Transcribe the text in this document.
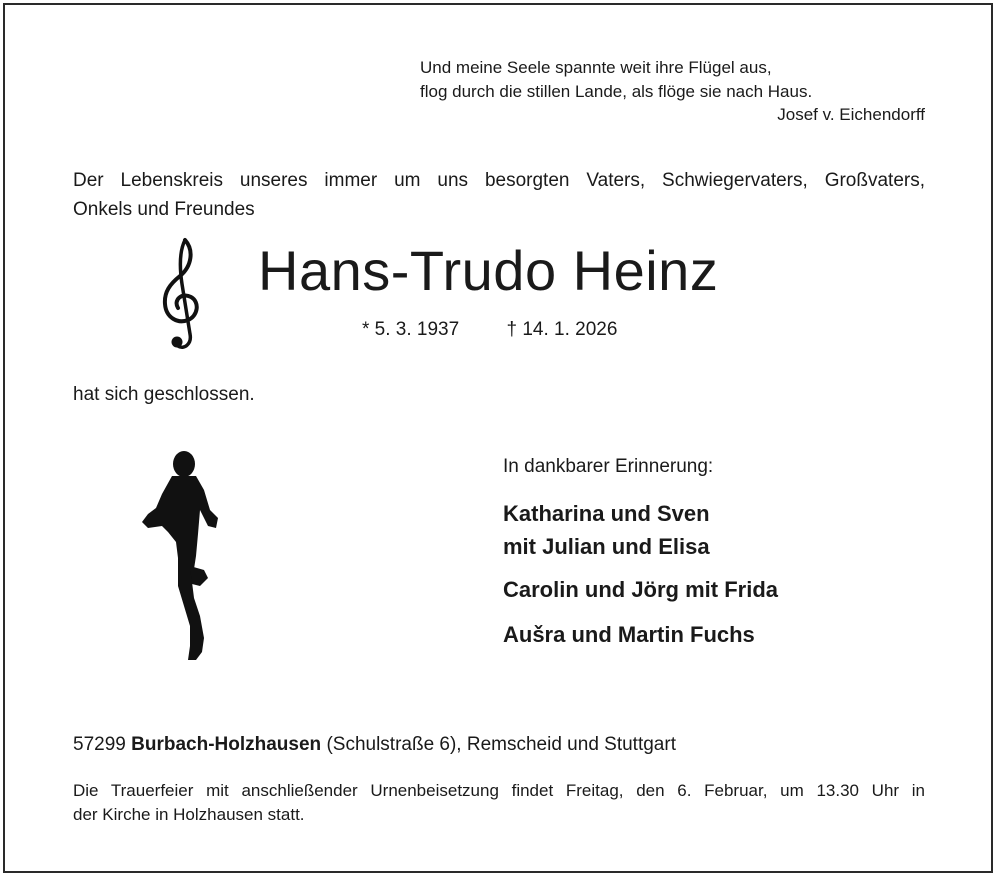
Und meine Seele spannte weit ihre Flügel aus,
flog durch die stillen Lande, als flöge sie nach Haus.
Josef v. Eichendorff
Der Lebenskreis unseres immer um uns besorgten Vaters, Schwiegervaters, Großvaters,
Onkels und Freundes
Hans-Trudo Heinz
* 5. 3. 1937 † 14. 1. 2026
hat sich geschlossen.
In dankbarer Erinnerung:
Katharina und Sven
mit Julian und Elisa
Carolin und Jörg mit Frida
Aušra und Martin Fuchs
57299 Burbach-Holzhausen (Schulstraße 6), Remscheid und Stuttgart
Die Trauerfeier mit anschließender Urnenbeisetzung findet Freitag, den 6. Februar, um 13.30 Uhr in
der Kirche in Holzhausen statt.
